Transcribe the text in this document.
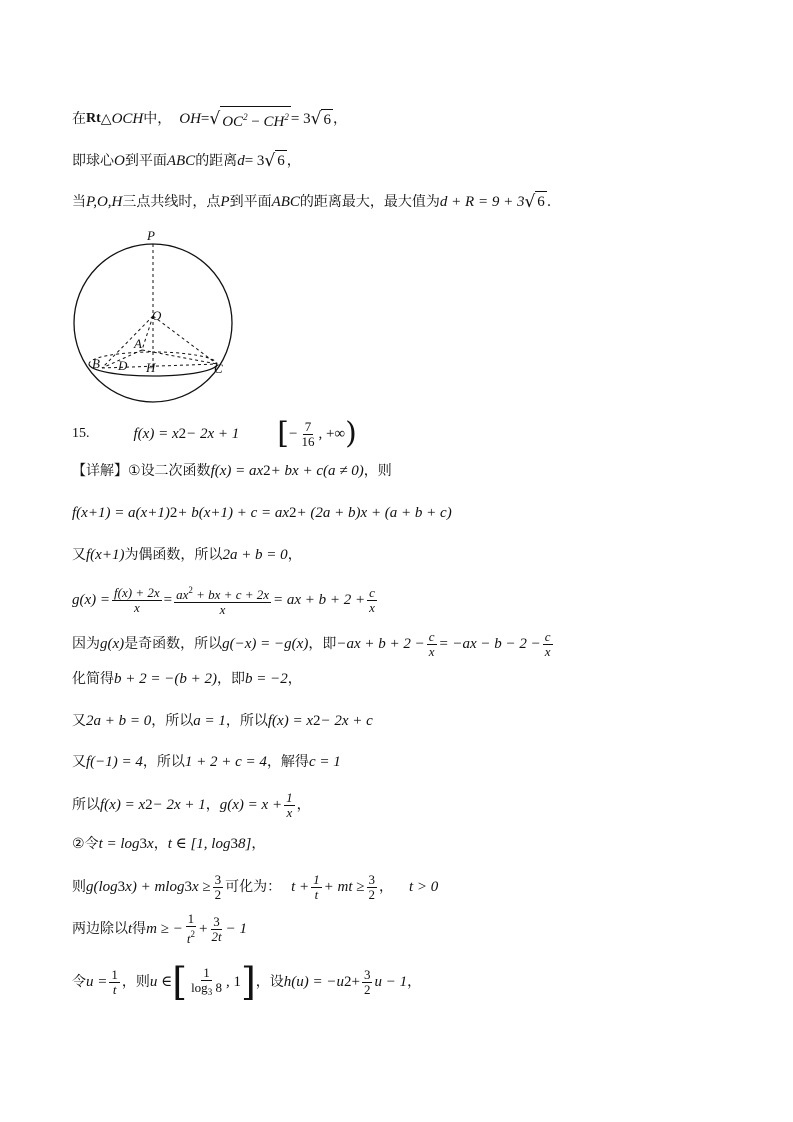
在 Rt △ OCH 中， OH = √ $OC^2 - CH^2 = 3$ √ 6 ，
即球心 O 到平面 ABC 的距离 d = 3 √ 6 ，
当 P,O,H 三点共线时，点 P 到平面 ABC 的距离最大，最大值为 d + R = 9 + 3 √ 6 .
P
O
A
B D H	C
15.	f (x) = x 2 − 2x + 1 [ − $\frac{7}{16}$ , +∞ )
【详解】 ① 设二次函数 f(x) = ax 2 + bx + c (a ≠ 0) ，则
f(x+1) = a(x+1) 2 + b(x+1) + c = ax 2 + (2a + b)x + (a + b + c)
又 f(x+1) 为偶函数，所以 2a + b = 0 ，
$g(x) = \frac{f(x) + 2x}{x} = \frac{ax^2 + bx + c + 2x}{x}$ = ax + $b + 2 + \frac{c}{x}$
因为 g(x) 是奇函数，所以 g(−x) = −g(x) ，即 $-ax + b + 2 - \frac{c}{x} = -ax - b - 2 - \frac{c}{x}$
化简得 b + 2 = −(b + 2) ，即 b = −2 ，
又 2a + b = 0 ，所以 a = 1 ，所以 f(x) = x 2 − 2x + c
又 f(−1) = 4 ，所以 1 + 2 + c = 4 ，解得 c = 1
所以 f(x) = x 2 − 2x + 1 ， $g(x) = x + \frac{1}{x}$ ，
② 令 t = log 3 x ， t ∈ [1, log 3 8] ，
则 g(log 3 x) + mlog 3 $x \ge \frac{3}{2}$ 可化为： $t + \frac{1}{t}$ + mt ≥ $\frac{3}{2}$ ， t > 0
两边除以 t 得 m ≥ − $\frac{1}{t^2} + \frac{3}{2t} - 1$
令 $u = \frac{1}{t}$ ，则 u ∈ [ $\frac{1}{\log_3 8}$ , 1 ] ，设 h(u) = −u $2 + \frac{3}{2}$ u − 1 ，
